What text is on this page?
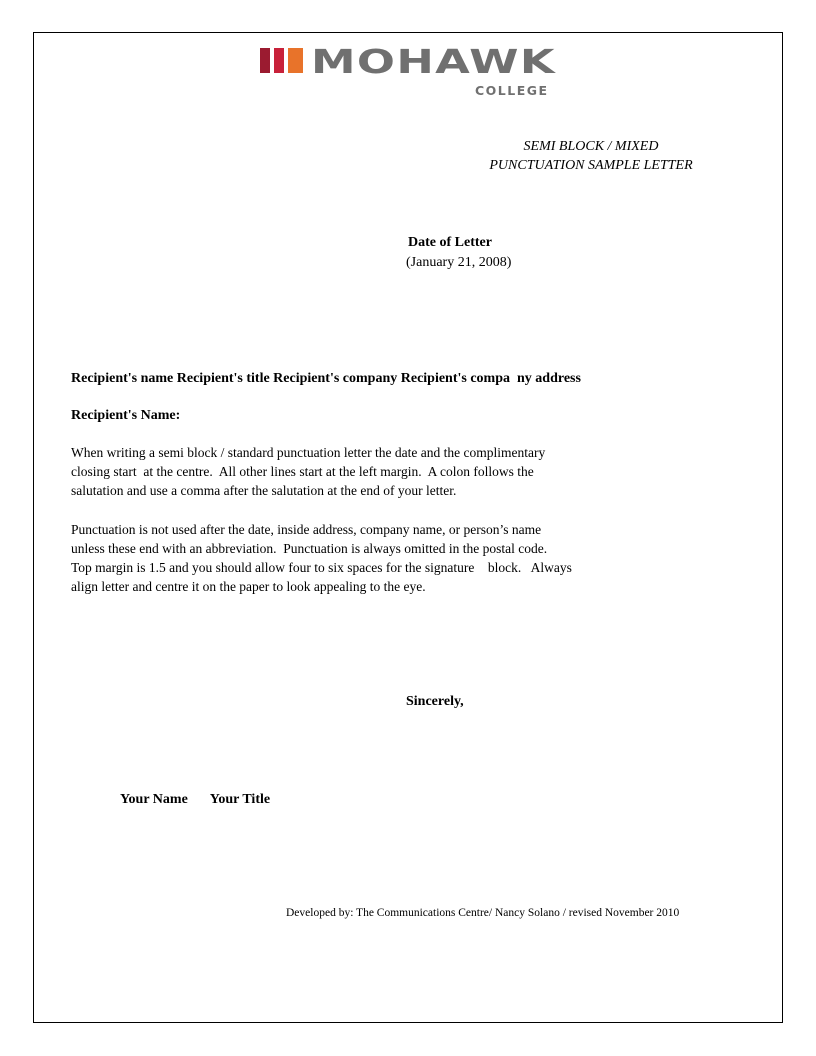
MOHAWK
COLLEGE
SEMI BLOCK / MIXED
PUNCTUATION SAMPLE LETTER
Date of Letter
(January 21, 2008)
Recipient's name Recipient's title Recipient's company Recipient's compa  ny address
Recipient's Name:
When writing a semi block / standard punctuation letter the date and the complimentary
closing start  at the centre.  All other lines start at the left margin.  A colon follows the
salutation and use a comma after the salutation at the end of your letter.
Punctuation is not used after the date, inside address, company name, or person’s name
unless these end with an abbreviation.  Punctuation is always omitted in the postal code.
Top margin is 1.5 and you should allow four to six spaces for the signature    block.   Always
align letter and centre it on the paper to look appealing to the eye.
Sincerely,
Your Name Your Title
Developed by: The Communications Centre/ Nancy Solano / revised November 2010
